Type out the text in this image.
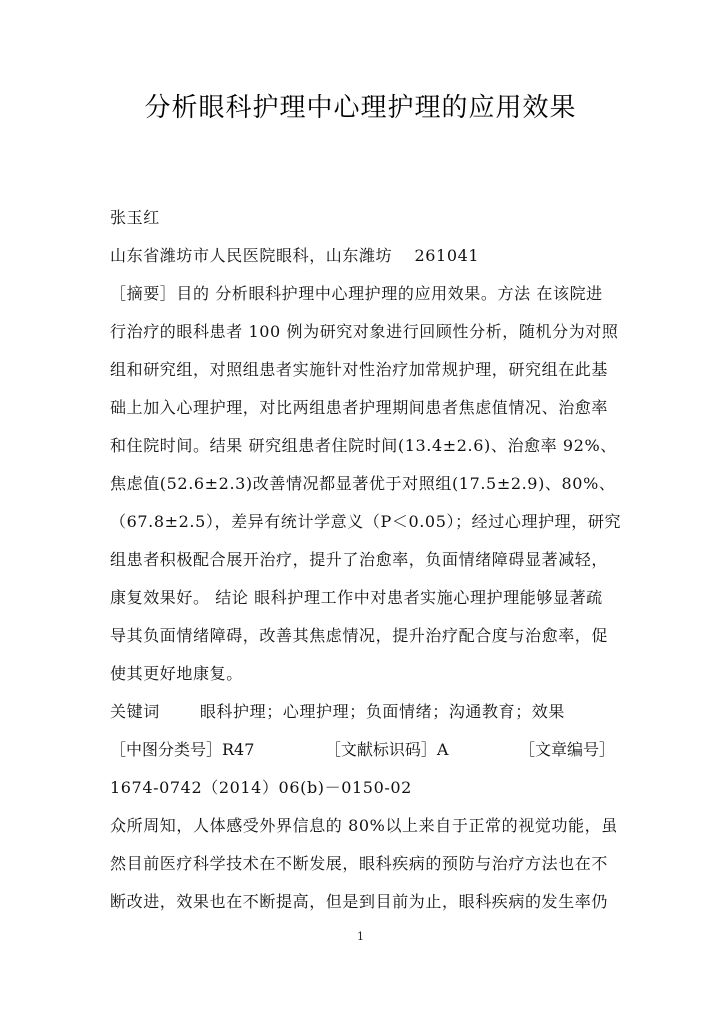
分析眼科护理中心理护理的应用效果
张玉红
山东省潍坊市人民医院眼科，山东潍坊　 261041
［摘要］目的 分析眼科护理中心理护理的应用效果。方法 在该院进
行治疗的眼科患者 100 例为研究对象进行回顾性分析，随机分为对照
组和研究组，对照组患者实施针对性治疗加常规护理，研究组在此基
础上加入心理护理，对比两组患者护理期间患者焦虑值情况、治愈率
和住院时间。结果 研究组患者住院时间(13.4±2.6)、治愈率 92%、
焦虑值(52.6±2.3)改善情况都显著优于对照组(17.5±2.9)、80%、
（67.8±2.5），差异有统计学意义（P＜0.05）；经过心理护理，研究
组患者积极配合展开治疗，提升了治愈率，负面情绪障碍显著减轻，
康复效果好。 结论 眼科护理工作中对患者实施心理护理能够显著疏
导其负面情绪障碍，改善其焦虑情况，提升治疗配合度与治愈率，促
使其更好地康复。
关键词	眼科护理；心理护理；负面情绪；沟通教育；效果
［中图分类号］R47	［文献标识码］A	［文章编号］
1674-0742（2014）06(b)－0150-02
众所周知，人体感受外界信息的 80%以上来自于正常的视觉功能，虽
然目前医疗科学技术在不断发展，眼科疾病的预防与治疗方法也在不
断改进，效果也在不断提高，但是到目前为止，眼科疾病的发生率仍
1
